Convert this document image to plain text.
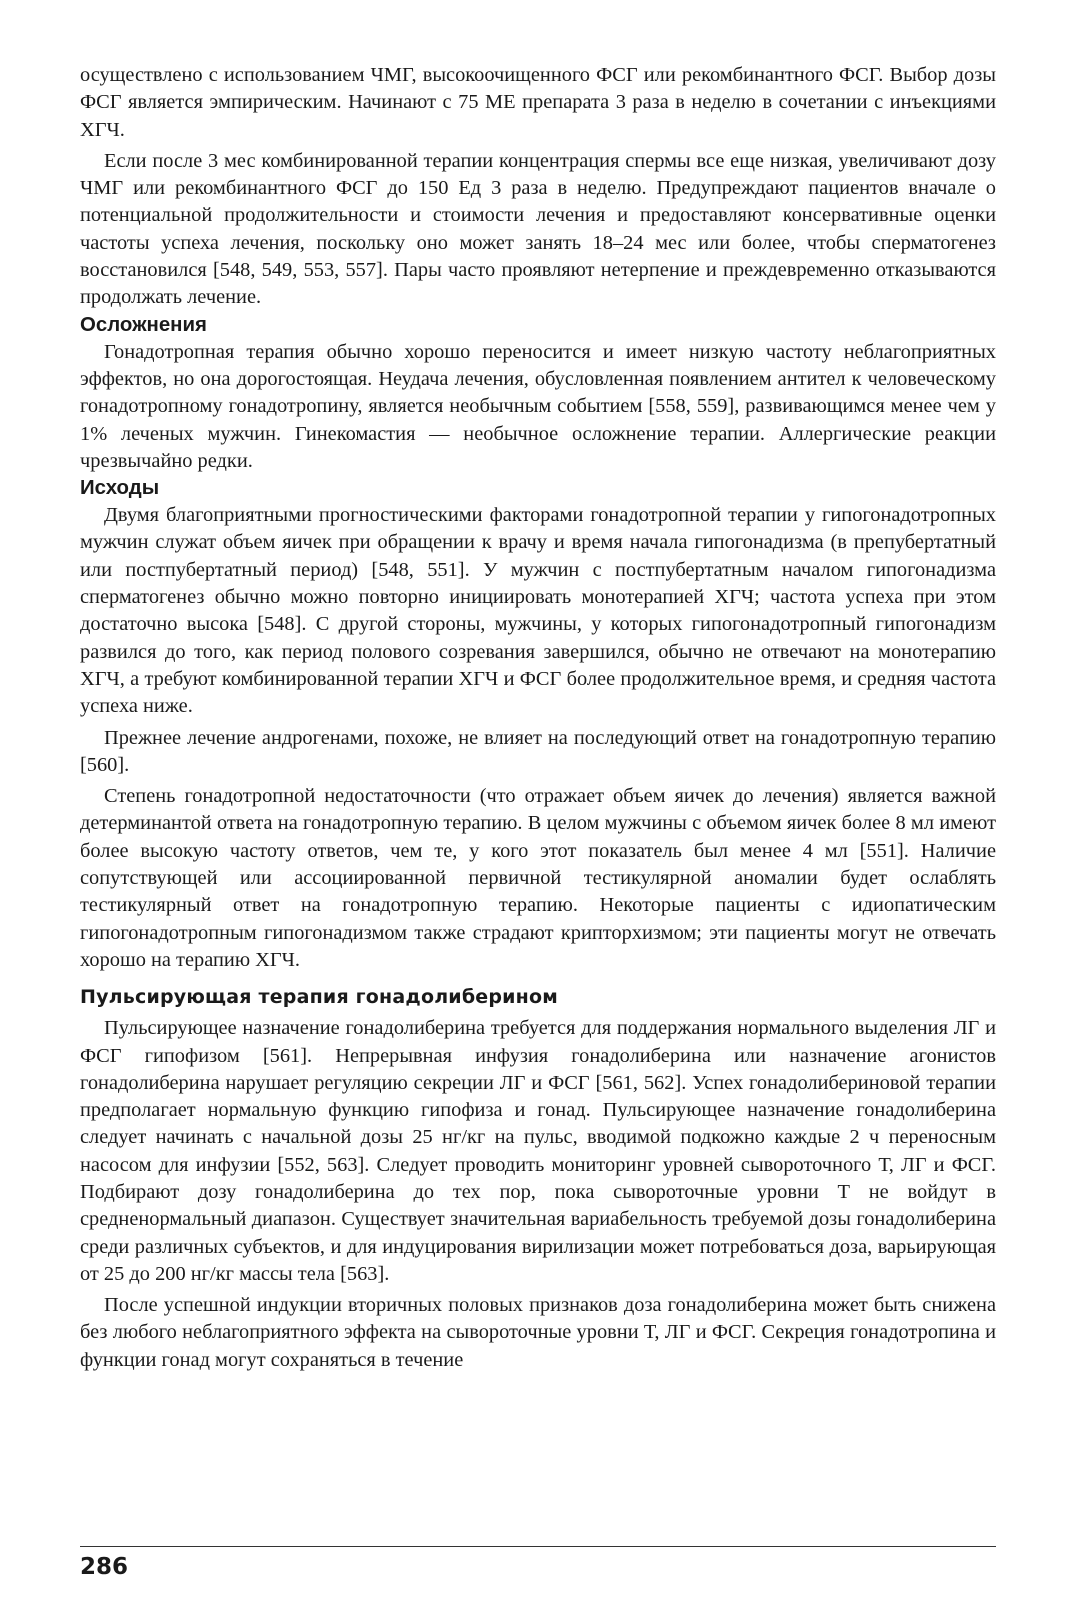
осуществлено с использованием ЧМГ, высокоочищенного ФСГ или рекомбинантного ФСГ. Выбор дозы ФСГ является эмпирическим. Начинают с 75 МЕ препарата 3 раза в неделю в сочетании с инъекциями ХГЧ.

Если после 3 мес комбинированной терапии концентрация спермы все еще низкая, увеличивают дозу ЧМГ или рекомбинантного ФСГ до 150 Ед 3 раза в неделю. Предупреждают пациентов вначале о потенциальной продолжительности и стоимости лечения и предоставляют консервативные оценки частоты успеха лечения, поскольку оно может занять 18–24 мес или более, чтобы сперматогенез восстановился [548, 549, 553, 557]. Пары часто проявляют нетерпение и преждевременно отказываются продолжать лечение.

Осложнения

Гонадотропная терапия обычно хорошо переносится и имеет низкую частоту неблагоприятных эффектов, но она дорогостоящая. Неудача лечения, обусловленная появлением антител к человеческому гонадотропному гонадотропину, является необычным событием [558, 559], развивающимся менее чем у 1% леченых мужчин. Гинекомастия — необычное осложнение терапии. Аллергические реакции чрезвычайно редки.

Исходы

Двумя благоприятными прогностическими факторами гонадотропной терапии у гипогонадотропных мужчин служат объем яичек при обращении к врачу и время начала гипогонадизма (в препубертатный или постпубертатный период) [548, 551]. У мужчин с постпубертатным началом гипогонадизма сперматогенез обычно можно повторно инициировать монотерапией ХГЧ; частота успеха при этом достаточно высока [548]. С другой стороны, мужчины, у которых гипогонадотропный гипогонадизм развился до того, как период полового созревания завершился, обычно не отвечают на монотерапию ХГЧ, а требуют комбинированной терапии ХГЧ и ФСГ более продолжительное время, и средняя частота успеха ниже.

Прежнее лечение андрогенами, похоже, не влияет на последующий ответ на гонадотропную терапию [560].

Степень гонадотропной недостаточности (что отражает объем яичек до лечения) является важной детерминантой ответа на гонадотропную терапию. В целом мужчины с объемом яичек более 8 мл имеют более высокую частоту ответов, чем те, у кого этот показатель был менее 4 мл [551]. Наличие сопутствующей или ассоциированной первичной тестикулярной аномалии будет ослаблять тестикулярный ответ на гонадотропную терапию. Некоторые пациенты с идиопатическим гипогонадотропным гипогонадизмом также страдают крипторхизмом; эти пациенты могут не отвечать хорошо на терапию ХГЧ.

Пульсирующая терапия гонадолиберином

Пульсирующее назначение гонадолиберина требуется для поддержания нормального выделения ЛГ и ФСГ гипофизом [561]. Непрерывная инфузия гонадолиберина или назначение агонистов гонадолиберина нарушает регуляцию секреции ЛГ и ФСГ [561, 562]. Успех гонадолибериновой терапии предполагает нормальную функцию гипофиза и гонад. Пульсирующее назначение гонадолиберина следует начинать с начальной дозы 25 нг/кг на пульс, вводимой подкожно каждые 2 ч переносным насосом для инфузии [552, 563]. Следует проводить мониторинг уровней сывороточного Т, ЛГ и ФСГ. Подбирают дозу гонадолиберина до тех пор, пока сывороточные уровни Т не войдут в средненормальный диапазон. Существует значительная вариабельность требуемой дозы гонадолиберина среди различных субъектов, и для индуцирования вирилизации может потребоваться доза, варьирующая от 25 до 200 нг/кг массы тела [563].

После успешной индукции вторичных половых признаков доза гонадолиберина может быть снижена без любого неблагоприятного эффекта на сывороточные уровни Т, ЛГ и ФСГ. Секреция гонадотропина и функции гонад могут сохраняться в течение

286
